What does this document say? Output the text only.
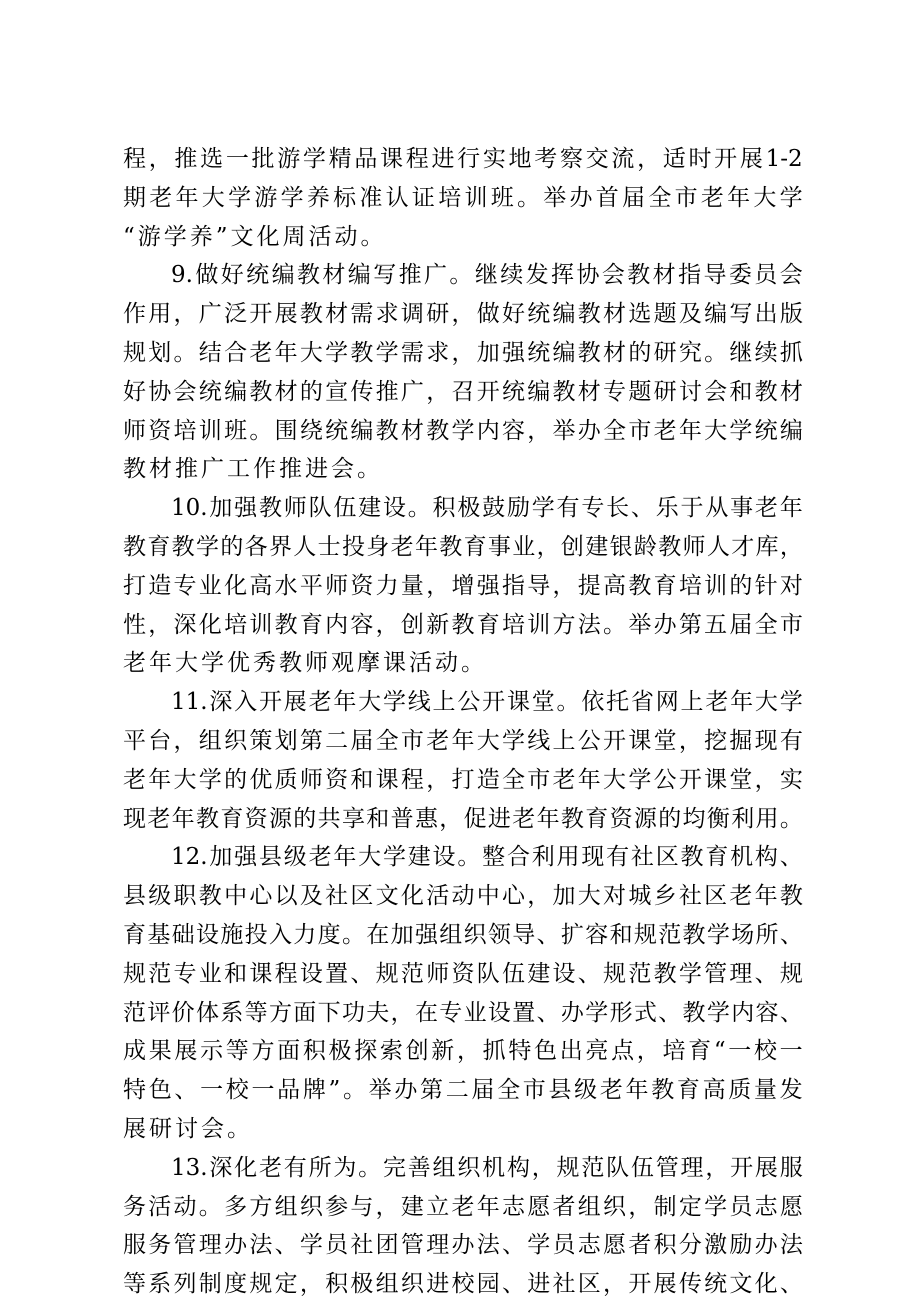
程 ， 推 选 一 批 游 学 精 品 课 程 进 行 实 地 考 察 交 流 ， 适 时 开 展 1-2
期 老 年 大 学 游 学 养 标 准 认 证 培 训 班 。 举 办 首 届 全 市 老 年 大 学
“ 游 学 养 ” 文 化 周 活 动 。
9. 做 好 统 编 教 材 编 写 推 广 。 继 续 发 挥 协 会 教 材 指 导 委 员 会
作 用 ， 广 泛 开 展 教 材 需 求 调 研 ， 做 好 统 编 教 材 选 题 及 编 写 出 版
规 划 。 结 合 老 年 大 学 教 学 需 求 ， 加 强 统 编 教 材 的 研 究 。 继 续 抓
好 协 会 统 编 教 材 的 宣 传 推 广 ， 召 开 统 编 教 材 专 题 研 讨 会 和 教 材
师 资 培 训 班 。 围 绕 统 编 教 材 教 学 内 容 ， 举 办 全 市 老 年 大 学 统 编
教 材 推 广 工 作 推 进 会 。
10. 加 强 教 师 队 伍 建 设 。 积 极 鼓 励 学 有 专 长 、 乐 于 从 事 老 年
教 育 教 学 的 各 界 人 士 投 身 老 年 教 育 事 业 ， 创 建 银 龄 教 师 人 才 库 ，
打 造 专 业 化 高 水 平 师 资 力 量 ， 增 强 指 导 ， 提 高 教 育 培 训 的 针 对
性 ， 深 化 培 训 教 育 内 容 ， 创 新 教 育 培 训 方 法 。 举 办 第 五 届 全 市
老 年 大 学 优 秀 教 师 观 摩 课 活 动 。
11. 深 入 开 展 老 年 大 学 线 上 公 开 课 堂 。 依 托 省 网 上 老 年 大 学
平 台 ， 组 织 策 划 第 二 届 全 市 老 年 大 学 线 上 公 开 课 堂 ， 挖 掘 现 有
老 年 大 学 的 优 质 师 资 和 课 程 ， 打 造 全 市 老 年 大 学 公 开 课 堂 ， 实
现 老 年 教 育 资 源 的 共 享 和 普 惠 ， 促 进 老 年 教 育 资 源 的 均 衡 利 用 。
12. 加 强 县 级 老 年 大 学 建 设 。 整 合 利 用 现 有 社 区 教 育 机 构 、
县 级 职 教 中 心 以 及 社 区 文 化 活 动 中 心 ， 加 大 对 城 乡 社 区 老 年 教
育 基 础 设 施 投 入 力 度 。 在 加 强 组 织 领 导 、 扩 容 和 规 范 教 学 场 所 、
规 范 专 业 和 课 程 设 置 、 规 范 师 资 队 伍 建 设 、 规 范 教 学 管 理 、 规
范 评 价 体 系 等 方 面 下 功 夫 ， 在 专 业 设 置 、 办 学 形 式 、 教 学 内 容 、
成 果 展 示 等 方 面 积 极 探 索 创 新 ， 抓 特 色 出 亮 点 ， 培 育 “ 一 校 一
特 色 、 一 校 一 品 牌 ” 。 举 办 第 二 届 全 市 县 级 老 年 教 育 高 质 量 发
展 研 讨 会 。
13. 深 化 老 有 所 为 。 完 善 组 织 机 构 ， 规 范 队 伍 管 理 ， 开 展 服
务 活 动 。 多 方 组 织 参 与 ， 建 立 老 年 志 愿 者 组 织 ， 制 定 学 员 志 愿
服 务 管 理 办 法 、 学 员 社 团 管 理 办 法 、 学 员 志 愿 者 积 分 激 励 办 法
等 系 列 制 度 规 定 ， 积 极 组 织 进 校 园 、 进 社 区 ， 开 展 传 统 文 化 、
